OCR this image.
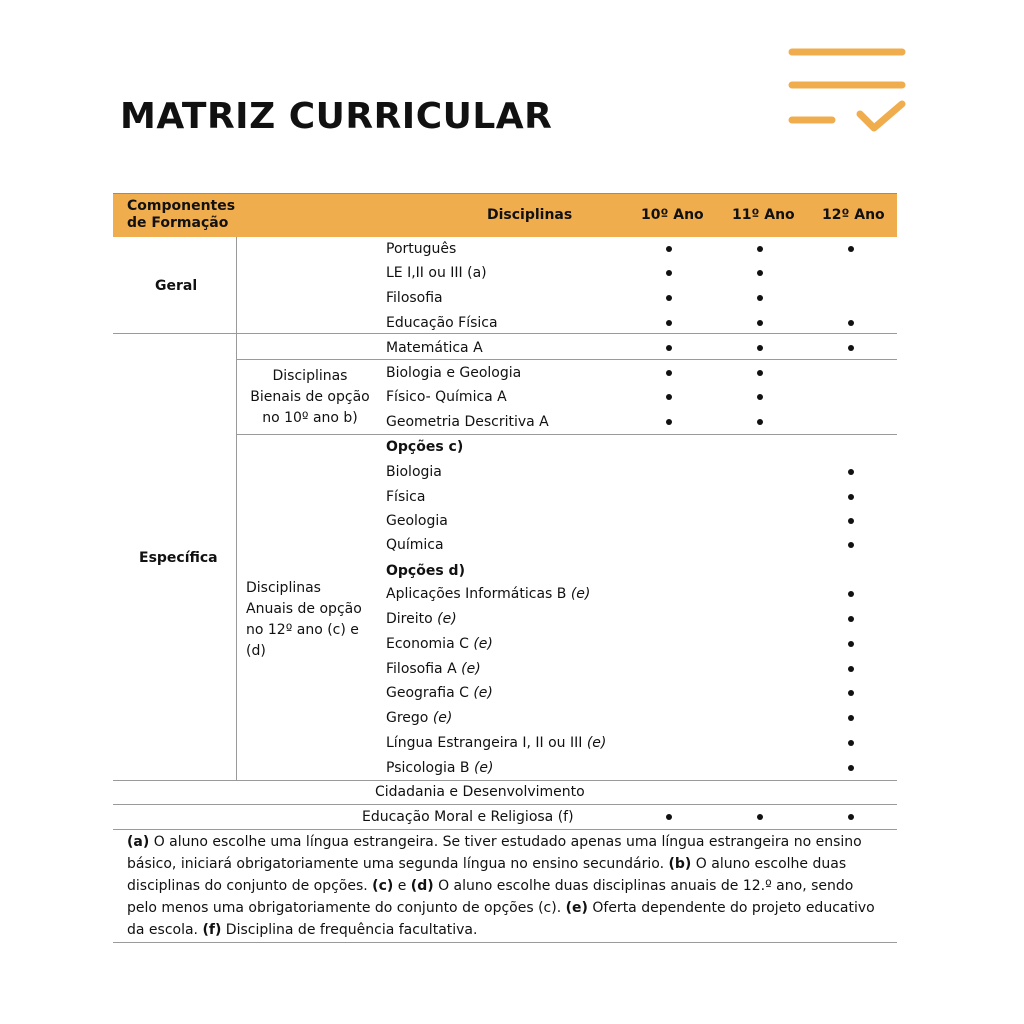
MATRIZ CURRICULAR
Componentes
de Formação	Disciplinas	10º Ano 11º Ano 12º Ano
Geral
Específica
Disciplinas
Bienais de opção
no 10º ano b)
Disciplinas
Anuais de opção
no 12º ano (c) e
(d)
Português
LE I,II ou III (a)
Filosofia
Educação Física
Matemática A
Biologia e Geologia
Físico- Química A
Geometria Descritiva A
Opções c)
Biologia
Física
Geologia
Química
Opções d)
Aplicações Informáticas B (e)
Direito (e)
Economia C (e)
Filosofia A (e)
Geografia C (e)
Grego (e)
Língua Estrangeira I, II ou III (e)
Psicologia B (e)
Cidadania e Desenvolvimento
Educação Moral e Religiosa (f)
(a) O aluno escolhe uma língua estrangeira. Se tiver estudado apenas uma língua estrangeira no ensino básico, iniciará obrigatoriamente uma segunda língua no ensino secundário. (b) O aluno escolhe duas disciplinas do conjunto de opções. (c) e (d) O aluno escolhe duas disciplinas anuais de 12.º ano, sendo pelo menos uma obrigatoriamente do conjunto de opções (c). (e) Oferta dependente do projeto educativo da escola. (f) Disciplina de frequência facultativa.
